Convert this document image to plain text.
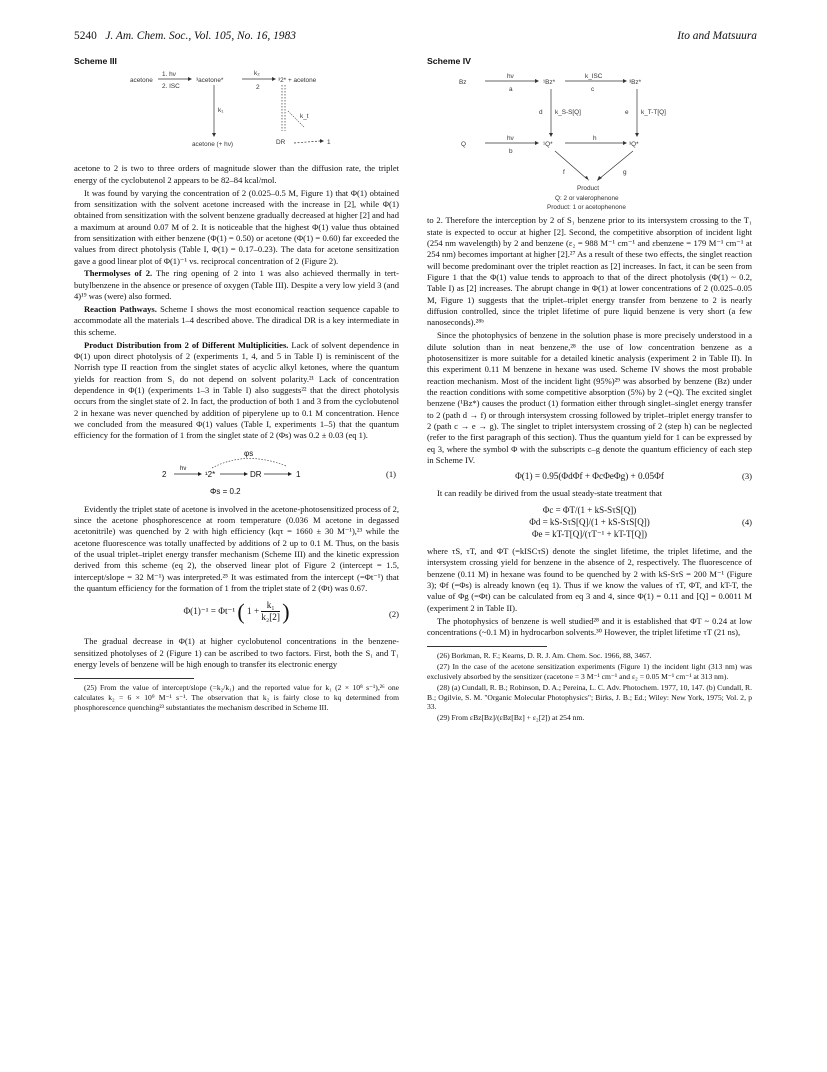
5240 J. Am. Chem. Soc., Vol. 105, No. 16, 1983	Ito and Matsuura
Scheme III
acetone
1. hν
2. ISC
³acetone*
k₂
2
³2* + acetone
k₁
k_t
acetone (+ hν)	DR	1

acetone to 2 is two to three orders of magnitude slower than the diffusion rate, the triplet energy of the cyclobutenol 2 appears to be 82–84 kcal/mol.

It was found by varying the concentration of 2 (0.025–0.5 M, Figure 1) that Φ(1) obtained from sensitization with the solvent acetone increased with the increase in [2], while Φ(1) obtained from sensitization with the solvent benzene gradually decreased at higher [2] and had a maximum at around 0.07 M of 2. It is noticeable that the highest Φ(1) value thus obtained from sensitization with either benzene (Φ(1) = 0.50) or acetone (Φ(1) = 0.60) far exceeded the values from direct photolysis (Table I, Φ(1) = 0.17–0.23). The data for acetone sensitization gave a good linear plot of Φ(1)⁻¹ vs. reciprocal concentration of 2 (Figure 2).

Thermolyses of 2. The ring opening of 2 into 1 was also achieved thermally in tert-butylbenzene in the absence or presence of oxygen (Table III). Despite a very low yield 3 (and 4)¹⁹ was (were) also formed.

Reaction Pathways. Scheme I shows the most economical reaction sequence capable to accommodate all the materials 1–4 described above. The diradical DR is a key intermediate in this scheme.

Product Distribution from 2 of Different Multiplicities. Lack of solvent dependence in Φ(1) upon direct photolysis of 2 (experiments 1, 4, and 5 in Table I) is reminiscent of the Norrish type II reaction from the singlet states of acyclic alkyl ketones, where the quantum yields for reaction from S₁ do not depend on solvent polarity.²¹ Lack of concentration dependence in Φ(1) (experiments 1–3 in Table I) also suggests²² that the direct photolysis occurs from the singlet state of 2. In fact, the production of both 1 and 3 from the cyclobutenol 2 in hexane was never quenched by addition of piperylene up to 0.1 M concentration. Hence we concluded from the measured Φ(1) values (Table I, experiments 1–5) that the quantum efficiency for the formation of 1 from the singlet state of 2 (Φs) was 0.2 ± 0.03 (eq 1).

φs
2
hν
¹2*	DR	1
Φs = 0.2
(1)

Evidently the triplet state of acetone is involved in the acetone-photosensitized process of 2, since the acetone phosphorescence at room temperature (0.036 M acetone in degassed acetonitrile) was quenched by 2 with high efficiency (kqτ = 1660 ± 30 M⁻¹),²³ while the acetone fluorescence was totally unaffected by additions of 2 up to 0.1 M. Thus, on the basis of the usual triplet–triplet energy transfer mechanism (Scheme III) and the kinetic expression derived from this scheme (eq 2), the observed linear plot of Figure 2 (intercept = 1.5, intercept/slope = 32 M⁻¹) was interpreted.²⁵ It was estimated from the intercept (=Φt⁻¹) that the quantum efficiency for the formation of 1 from the triplet state of 2 (Φt) was 0.67.

Φ(1)⁻¹ = Φt⁻¹ ( $1 + \frac{\text{k₁}}{\text{k₂[2]}}$ )	(2)

The gradual decrease in Φ(1) at higher cyclobutenol concentrations in the benzene-sensitized photolyses of 2 (Figure 1) can be ascribed to two factors. First, both the S₁ and T₁ energy levels of benzene will be high enough to transfer its electronic energy

(25) From the value of intercept/slope (=k₂/k₁) and the reported value for k₁ (2 × 10⁸ s⁻¹),²⁶ one calculates k₂ = 6 × 10⁹ M⁻¹ s⁻¹. The observation that k₂ is fairly close to kq determined from phosphorescence quenching²³ substantiates the mechanism described in Scheme III.

Scheme IV
Bz
hν
a
¹Bz*
k_ISC
c
³Bz*
d k_S-S[Q]	e k_T-T[Q]
Q
hν
b
¹Q*
h
³Q*
f	g
Product
Q: 2 or valerophenone
Product: 1 or acetophenone

to 2. Therefore the interception by 2 of S₁ benzene prior to its intersystem crossing to the T₁ state is expected to occur at higher [2]. Second, the competitive absorption of incident light (254 nm wavelength) by 2 and benzene (ε₂ = 988 M⁻¹ cm⁻¹ and εbenzene = 179 M⁻¹ cm⁻¹ at 254 nm) becomes important at higher [2].²⁷ As a result of these two effects, the singlet reaction will become predominant over the triplet reaction as [2] increases. In fact, it can be seen from Figure 1 that the Φ(1) value tends to approach to that of the direct photolysis (Φ(1) ~ 0.2, Table I) as [2] increases. The abrupt change in Φ(1) at lower concentrations of 2 (0.025–0.05 M, Figure 1) suggests that the triplet–triplet energy transfer from benzene to 2 is nearly diffusion controlled, since the triplet lifetime of pure liquid benzene is very short (a few nanoseconds).²⁸ᵇ

Since the photophysics of benzene in the solution phase is more precisely understood in a dilute solution than in neat benzene,²⁸ the use of low concentration benzene as a photosensitizer is more suitable for a detailed kinetic analysis (experiment 2 in Table II). In this experiment 0.11 M benzene in hexane was used. Scheme IV shows the most probable reaction mechanism. Most of the incident light (95%)²⁹ was absorbed by benzene (Bz) under the reaction conditions with some competitive absorption (5%) by 2 (=Q). The excited singlet benzene (¹Bz*) causes the product (1) formation either through singlet–singlet energy transfer to 2 (path d → f) or through intersystem crossing followed by triplet–triplet energy transfer to 2 (path c → e → g). The singlet to triplet intersystem crossing of 2 (step h) can be neglected (refer to the first paragraph of this section). Thus the quantum yield for 1 can be expressed by eq 3, where the symbol Φ with the subscripts c–g denote the quantum efficiency of each step in Scheme IV.

Φ(1) = 0.95(ΦdΦf + ΦcΦeΦg) + 0.05Φf	(3)

It can readily be dirived from the usual steady-state treatment that

Φc = ΦT/(1 + kS-SτS[Q])
Φd = kS-SτS[Q]/(1 + kS-SτS[Q])
Φe = kT-T[Q]/(τT⁻¹ + kT-T[Q])
(4)

where τS, τT, and ΦT (=kISCτS) denote the singlet lifetime, the triplet lifetime, and the intersystem crossing yield for benzene in the absence of 2, respectively. The fluorescence of benzene (0.11 M) in hexane was found to be quenched by 2 with kS-SτS = 200 M⁻¹ (Figure 3); Φf (=Φs) is already known (eq 1). Thus if we know the values of τT, ΦT, and kT-T, the value of Φg (=Φt) can be calculated from eq 3 and 4, since Φ(1) = 0.11 and [Q] = 0.0011 M (experiment 2 in Table II).

The photophysics of benzene is well studied²⁸ and it is established that ΦT ~ 0.24 at low concentrations (~0.1 M) in hydrocarbon solvents.³⁰ However, the triplet lifetime τT (21 ns),

(26) Borkman, R. F.; Kearns, D. R. J. Am. Chem. Soc. 1966, 88, 3467.

(27) In the case of the acetone sensitization experiments (Figure 1) the incident light (313 nm) was exclusively absorbed by the sensitizer (εacetone = 3 M⁻¹ cm⁻¹ and ε₂ = 0.05 M⁻¹ cm⁻¹ at 313 nm).

(28) (a) Cundall, R. B.; Robinson, D. A.; Pereina, L. C. Adv. Photochem. 1977, 10, 147. (b) Cundall, R. B.; Ogilvie, S. M. "Organic Molecular Photophysics"; Birks, J. B.; Ed.; Wiley: New York, 1975; Vol. 2, p 33.

(29) From εBz[Bz]/(εBz[Bz] + ε₂[2]) at 254 nm.
